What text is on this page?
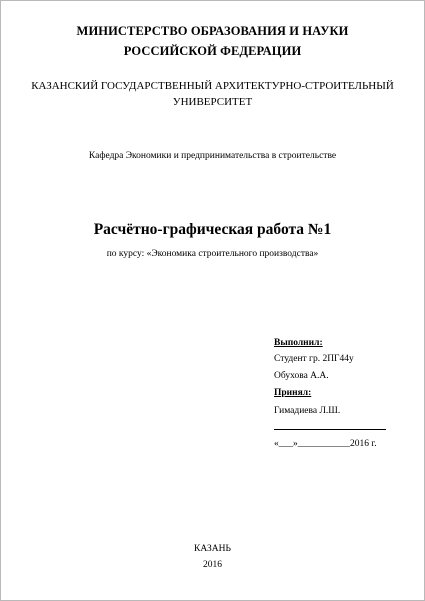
МИНИСТЕРСТВО ОБРАЗОВАНИЯ И НАУКИ
РОССИЙСКОЙ ФЕДЕРАЦИИ
КАЗАНСКИЙ ГОСУДАРСТВЕННЫЙ АРХИТЕКТУРНО-СТРОИТЕЛЬНЫЙ
УНИВЕРСИТЕТ
Кафедра Экономики и предпринимательства в строительстве
Расчётно-графическая работа №1
по курсу: «Экономика строительного производства»
Выполнил:
Студент гр. 2ПГ44у
Обухова А.А.
Принял:
Гимадиева Л.Ш.
«___»___________2016 г.
КАЗАНЬ
2016
